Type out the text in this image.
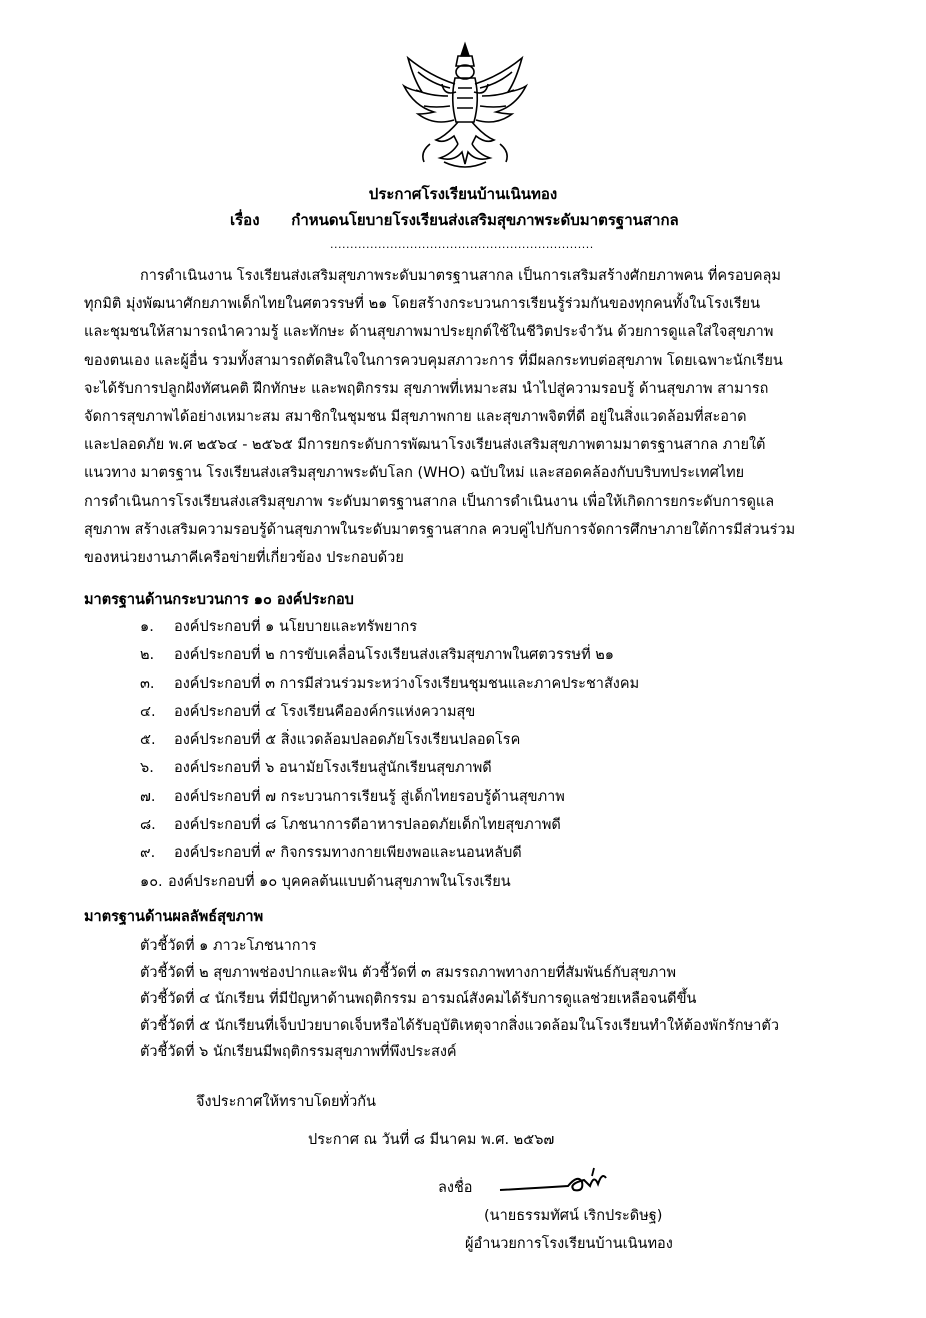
ประกาศโรงเรียนบ้านเนินทอง
เรื่อง กำหนดนโยบายโรงเรียนส่งเสริมสุขภาพระดับมาตรฐานสากล
..................................................................
การดำเนินงาน โรงเรียนส่งเสริมสุขภาพระดับมาตรฐานสากล เป็นการเสริมสร้างศักยภาพคน ที่ครอบคลุม
ทุกมิติ มุ่งพัฒนาศักยภาพเด็กไทยในศตวรรษที่ ๒๑ โดยสร้างกระบวนการเรียนรู้ร่วมกันของทุกคนทั้งในโรงเรียน
และชุมชนให้สามารถนำความรู้ และทักษะ ด้านสุขภาพมาประยุกต์ใช้ในชีวิตประจำวัน ด้วยการดูแลใส่ใจสุขภาพ
ของตนเอง และผู้อื่น รวมทั้งสามารถตัดสินใจในการควบคุมสภาวะการ ที่มีผลกระทบต่อสุขภาพ โดยเฉพาะนักเรียน
จะได้รับการปลูกฝังทัศนคติ ฝึกทักษะ และพฤติกรรม สุขภาพที่เหมาะสม นำไปสู่ความรอบรู้ ด้านสุขภาพ สามารถ
จัดการสุขภาพได้อย่างเหมาะสม สมาชิกในชุมชน มีสุขภาพกาย และสุขภาพจิตที่ดี อยู่ในสิ่งแวดล้อมที่สะอาด
และปลอดภัย พ.ศ ๒๕๖๔ - ๒๕๖๕ มีการยกระดับการพัฒนาโรงเรียนส่งเสริมสุขภาพตามมาตรฐานสากล ภายใต้
แนวทาง มาตรฐาน โรงเรียนส่งเสริมสุขภาพระดับโลก (WHO) ฉบับใหม่ และสอดคล้องกับบริบทประเทศไทย
การดำเนินการโรงเรียนส่งเสริมสุขภาพ ระดับมาตรฐานสากล เป็นการดำเนินงาน เพื่อให้เกิดการยกระดับการดูแล
สุขภาพ สร้างเสริมความรอบรู้ด้านสุขภาพในระดับมาตรฐานสากล ควบคู่ไปกับการจัดการศึกษาภายใต้การมีส่วนร่วม
ของหน่วยงานภาคีเครือข่ายที่เกี่ยวข้อง ประกอบด้วย
มาตรฐานด้านกระบวนการ ๑๐ องค์ประกอบ
๑.	องค์ประกอบที่ ๑ นโยบายและทรัพยากร
๒.	องค์ประกอบที่ ๒ การขับเคลื่อนโรงเรียนส่งเสริมสุขภาพในศตวรรษที่ ๒๑
๓.	องค์ประกอบที่ ๓ การมีส่วนร่วมระหว่างโรงเรียนชุมชนและภาคประชาสังคม
๔.	องค์ประกอบที่ ๔ โรงเรียนคือองค์กรแห่งความสุข
๕.	องค์ประกอบที่ ๕ สิ่งแวดล้อมปลอดภัยโรงเรียนปลอดโรค
๖.	องค์ประกอบที่ ๖ อนามัยโรงเรียนสู่นักเรียนสุขภาพดี
๗.	องค์ประกอบที่ ๗ กระบวนการเรียนรู้ สู่เด็กไทยรอบรู้ด้านสุขภาพ
๘.	องค์ประกอบที่ ๘ โภชนาการดีอาหารปลอดภัยเด็กไทยสุขภาพดี
๙.	องค์ประกอบที่ ๙ กิจกรรมทางกายเพียงพอและนอนหลับดี
๑๐. องค์ประกอบที่ ๑๐ บุคคลต้นแบบด้านสุขภาพในโรงเรียน
มาตรฐานด้านผลลัพธ์สุขภาพ
ตัวชี้วัดที่ ๑ ภาวะโภชนาการ
ตัวชี้วัดที่ ๒ สุขภาพช่องปากและฟัน ตัวชี้วัดที่ ๓ สมรรถภาพทางกายที่สัมพันธ์กับสุขภาพ
ตัวชี้วัดที่ ๔ นักเรียน ที่มีปัญหาด้านพฤติกรรม อารมณ์สังคมได้รับการดูแลช่วยเหลือจนดีขึ้น
ตัวชี้วัดที่ ๕ นักเรียนที่เจ็บป่วยบาดเจ็บหรือได้รับอุบัติเหตุจากสิ่งแวดล้อมในโรงเรียนทำให้ต้องพักรักษาตัว
ตัวชี้วัดที่ ๖ นักเรียนมีพฤติกรรมสุขภาพที่พึงประสงค์
จึงประกาศให้ทราบโดยทั่วกัน
ประกาศ ณ วันที่ ๘ มีนาคม พ.ศ. ๒๕๖๗
ลงชื่อ
(นายธรรมทัศน์ เริกประดิษฐ)
ผู้อำนวยการโรงเรียนบ้านเนินทอง
